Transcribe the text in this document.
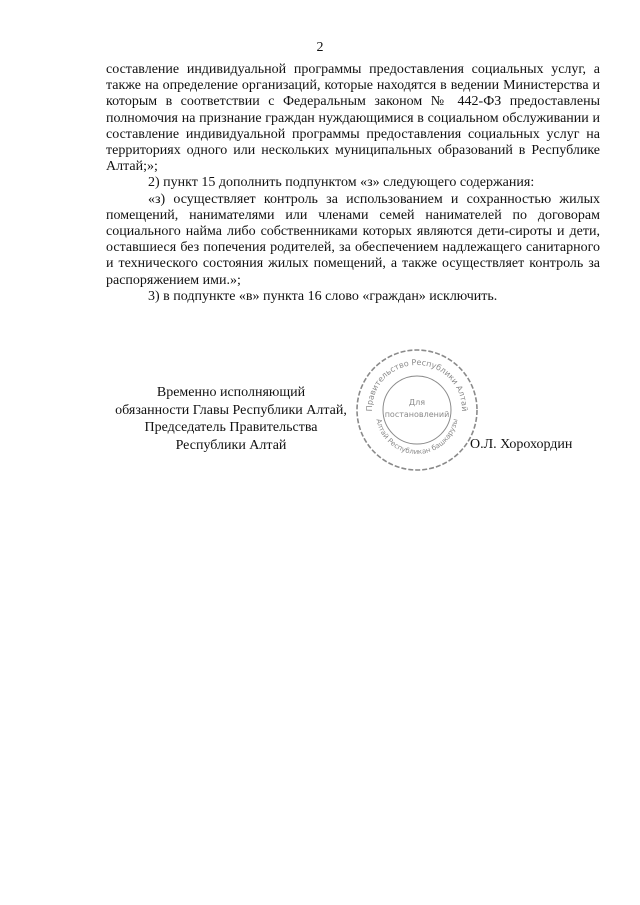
2

составление индивидуальной программы предоставления социальных услуг, а также на определение организаций, которые находятся в ведении Министерства и которым в соответствии с Федеральным законом № 442-ФЗ предоставлены полномочия на признание граждан нуждающимися в социальном обслуживании и составление индивидуальной программы предоставления социальных услуг на территориях одного или нескольких муниципальных образований в Республике Алтай;»;

2) пункт 15 дополнить подпунктом «з» следующего содержания:

«з) осуществляет контроль за использованием и сохранностью жилых помещений, нанимателями или членами семей нанимателей по договорам социального найма либо собственниками которых являются дети-сироты и дети, оставшиеся без попечения родителей, за обеспечением надлежащего санитарного и технического состояния жилых помещений, а также осуществляет контроль за распоряжением ими.»;

3) в подпункте «в» пункта 16 слово «граждан» исключить.

Временно исполняющий
обязанности Главы Республики Алтай,
Председатель Правительства
Республики Алтай
Правительство Республики Алтай
Алтай Республикан башкарузы
Для
постановлений
О.Л. Хорохордин
